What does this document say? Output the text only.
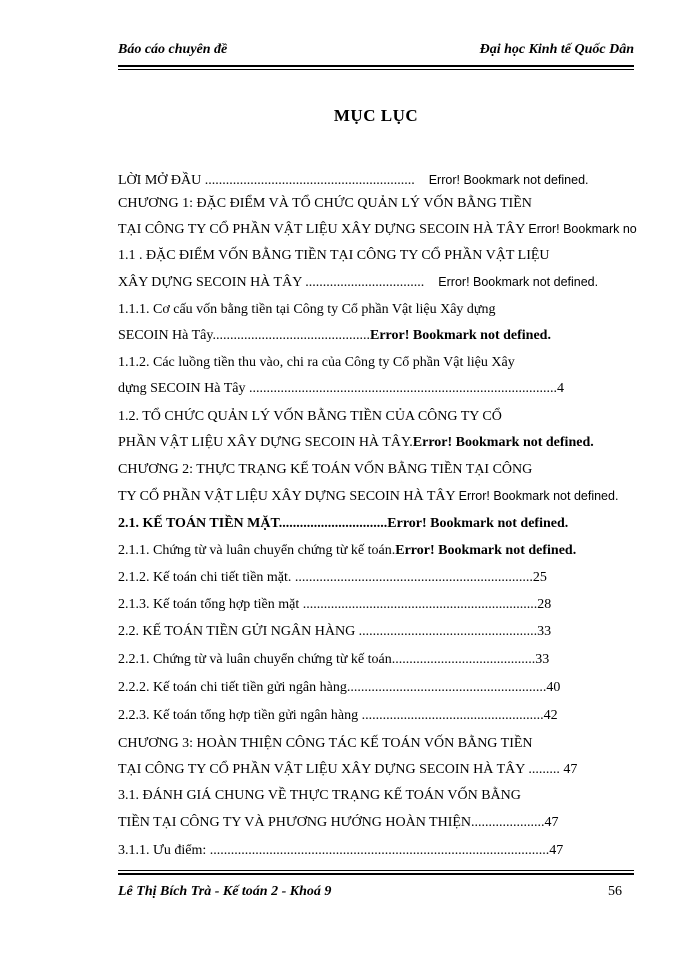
Báo cáo chuyên đề	Đại học Kinh tế Quốc Dân
MỤC LỤC
LỜI MỞ ĐẦU ............................................................ Error! Bookmark not defined.
CHƯƠNG 1: ĐẶC ĐIỂM VÀ TỔ CHỨC QUẢN LÝ VỐN BẰNG TIỀN
TẠI CÔNG TY CỔ PHẦN VẬT LIỆU XÂY DỰNG SECOIN HÀ TÂY Error! Bookmark no
1.1 . ĐẶC ĐIỂM VỐN BẰNG TIỀN TẠI CÔNG TY CỔ PHẦN VẬT LIỆU
XÂY DỰNG SECOIN HÀ TÂY .................................. Error! Bookmark not defined.
1.1.1. Cơ cấu vốn bằng tiền tại Công ty Cổ phần Vật liệu Xây dựng
SECOIN Hà Tây.............................................Error! Bookmark not defined.
1.1.2. Các luồng tiền thu vào, chi ra của Công ty Cổ phần Vật liệu Xây
dựng SECOIN Hà Tây ........................................................................................4
1.2. TỔ CHỨC QUẢN LÝ VỐN BẰNG TIỀN CỦA CÔNG TY CỔ
PHẦN VẬT LIỆU XÂY DỰNG SECOIN HÀ TÂY.Error! Bookmark not defined.
CHƯƠNG 2: THỰC TRẠNG KẾ TOÁN VỐN BẰNG TIỀN TẠI CÔNG
TY CỔ PHẦN VẬT LIỆU XÂY DỰNG SECOIN HÀ TÂY Error! Bookmark not defined.
2.1. KẾ TOÁN TIỀN MẶT...............................Error! Bookmark not defined.
2.1.1. Chứng từ và luân chuyển chứng từ kế toán.Error! Bookmark not defined.
2.1.2. Kế toán chi tiết tiền mặt. ....................................................................25
2.1.3. Kế toán tổng hợp tiền mặt ...................................................................28
2.2. KẾ TOÁN TIỀN GỬI NGÂN HÀNG ...................................................33
2.2.1. Chứng từ và luân chuyển chứng từ kế toán.........................................33
2.2.2. Kế toán chi tiết tiền gửi ngân hàng.........................................................40
2.2.3. Kế toán tổng hợp tiền gửi ngân hàng ....................................................42
CHƯƠNG 3: HOÀN THIỆN CÔNG TÁC KẾ TOÁN VỐN BẰNG TIỀN
TẠI CÔNG TY CỔ PHẦN VẬT LIỆU XÂY DỰNG SECOIN HÀ TÂY ......... 47
3.1. ĐÁNH GIÁ CHUNG VỀ THỰC TRẠNG KẾ TOÁN VỐN BẰNG
TIỀN TẠI CÔNG TY VÀ PHƯƠNG HƯỚNG HOÀN THIỆN.....................47
3.1.1. Ưu điểm: .................................................................................................47
Lê Thị Bích Trà - Kế toán 2 - Khoá 9	56
